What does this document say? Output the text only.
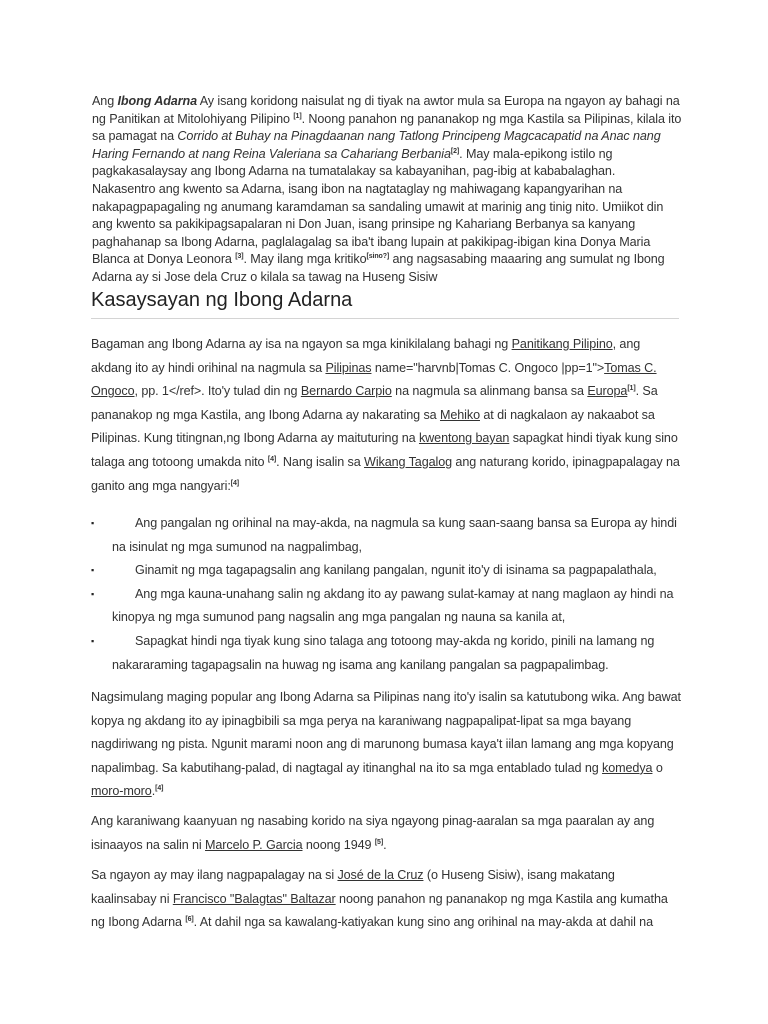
Ang Ibong Adarna Ay isang koridong naisulat ng di tiyak na awtor mula sa Europa na ngayon ay bahagi na ng Panitikan at Mitolohiyang Pilipino [1]. Noong panahon ng pananakop ng mga Kastila sa Pilipinas, kilala ito sa pamagat na Corrido at Buhay na Pinagdaanan nang Tatlong Principeng Magcacapatid na Anac nang Haring Fernando at nang Reina Valeriana sa Cahariang Berbania[2]. May mala-epikong istilo ng pagkakasalaysay ang Ibong Adarna na tumatalakay sa kabayanihan, pag-ibig at kababalaghan. Nakasentro ang kwento sa Adarna, isang ibon na nagtataglay ng mahiwagang kapangyarihan na nakapagpapagaling ng anumang karamdaman sa sandaling umawit at marinig ang tinig nito. Umiikot din ang kwento sa pakikipagsapalaran ni Don Juan, isang prinsipe ng Kahariang Berbanya sa kanyang paghahanap sa Ibong Adarna, paglalagalag sa iba't ibang lupain at pakikipag-ibigan kina Donya Maria Blanca at Donya Leonora [3]. May ilang mga kritiko[sino?] ang nagsasabing maaaring ang sumulat ng Ibong Adarna ay si Jose dela Cruz o kilala sa tawag na Huseng Sisiw

Kasaysayan ng Ibong Adarna

Bagaman ang Ibong Adarna ay isa na ngayon sa mga kinikilalang bahagi ng Panitikang Pilipino, ang akdang ito ay hindi orihinal na nagmula sa Pilipinas name="harvnb|Tomas C. Ongoco |pp=1">Tomas C. Ongoco, pp. 1</ref>. Ito'y tulad din ng Bernardo Carpio na nagmula sa alinmang bansa sa Europa[1]. Sa pananakop ng mga Kastila, ang Ibong Adarna ay nakarating sa Mehiko at di nagkalaon ay nakaabot sa Pilipinas. Kung titingnan,ng Ibong Adarna ay maituturing na kwentong bayan sapagkat hindi tiyak kung sino talaga ang totoong umakda nito [4]. Nang isalin sa Wikang Tagalog ang naturang korido, ipinagpapalagay na ganito ang mga nangyari:[4]

▪	Ang pangalan ng orihinal na may-akda, na nagmula sa kung saan-saang bansa sa Europa ay hindi na isinulat ng mga sumunod na nagpalimbag,
▪	Ginamit ng mga tagapagsalin ang kanilang pangalan, ngunit ito'y di isinama sa pagpapalathala,
▪	Ang mga kauna-unahang salin ng akdang ito ay pawang sulat-kamay at nang maglaon ay hindi na kinopya ng mga sumunod pang nagsalin ang mga pangalan ng nauna sa kanila at,
▪	Sapagkat hindi nga tiyak kung sino talaga ang totoong may-akda ng korido, pinili na lamang ng nakararaming tagapagsalin na huwag ng isama ang kanilang pangalan sa pagpapalimbag.

Nagsimulang maging popular ang Ibong Adarna sa Pilipinas nang ito'y isalin sa katutubong wika. Ang bawat kopya ng akdang ito ay ipinagbibili sa mga perya na karaniwang nagpapalipat-lipat sa mga bayang nagdiriwang ng pista. Ngunit marami noon ang di marunong bumasa kaya't iilan lamang ang mga kopyang napalimbag. Sa kabutihang-palad, di nagtagal ay itinanghal na ito sa mga entablado tulad ng komedya o moro-moro.[4]

Ang karaniwang kaanyuan ng nasabing korido na siya ngayong pinag-aaralan sa mga paaralan ay ang isinaayos na salin ni Marcelo P. Garcia noong 1949 [5].

Sa ngayon ay may ilang nagpapalagay na si José de la Cruz (o Huseng Sisiw), isang makatang kaalinsabay ni Francisco "Balagtas" Baltazar noong panahon ng pananakop ng mga Kastila ang kumatha ng Ibong Adarna [6]. At dahil nga sa kawalang-katiyakan kung sino ang orihinal na may-akda at dahil na
